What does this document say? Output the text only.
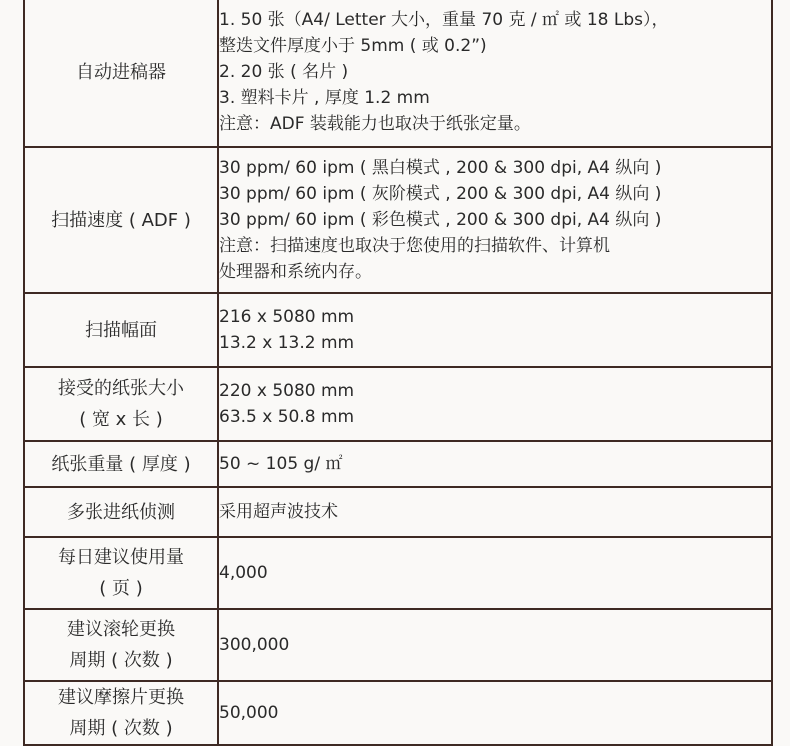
自动进稿器	1. 50 张（A4/ Letter 大小，重量 70 克 / ㎡ 或 18 Lbs），
整迭文件厚度小于 5mm ( 或 0.2”)
2. 20 张 ( 名片 )
3. 塑料卡片 , 厚度 1.2 mm
注意：ADF 装载能力也取决于纸张定量。

扫描速度 ( ADF )	30 ppm/ 60 ipm ( 黑白模式 , 200 & 300 dpi, A4 纵向 )
30 ppm/ 60 ipm ( 灰阶模式 , 200 & 300 dpi, A4 纵向 )
30 ppm/ 60 ipm ( 彩色模式 , 200 & 300 dpi, A4 纵向 )
注意：扫描速度也取决于您使用的扫描软件、计算机
处理器和系统内存。

扫描幅面	216 x 5080 mm
13.2 x 13.2 mm

接受的纸张大小
( 宽 x 长 )	220 x 5080 mm
63.5 x 50.8 mm

纸张重量 ( 厚度 )	50 ~ 105 g/ ㎡

多张进纸侦测	采用超声波技术

每日建议使用量
( 页 )	4,000

建议滚轮更换
周期 ( 次数 )	300,000

建议摩擦片更换
周期 ( 次数 )	50,000
